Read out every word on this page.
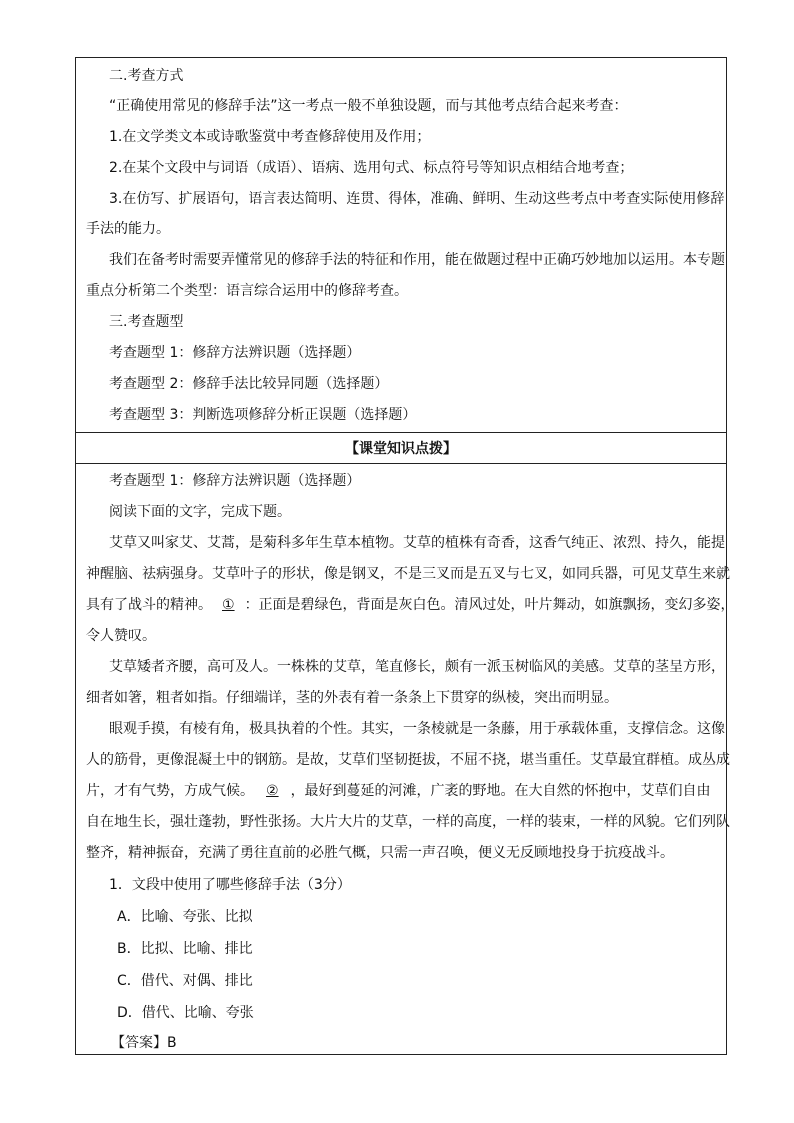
二.考查方式
“正确使用常见的修辞手法”这一考点一般不单独设题，而与其他考点结合起来考查：
1.在文学类文本或诗歌鉴赏中考查修辞使用及作用；
2.在某个文段中与词语（成语）、语病、选用句式、标点符号等知识点相结合地考查；
3.在仿写、扩展语句，语言表达简明、连贯、得体，准确、鲜明、生动这些考点中考查实际使用修辞
手法的能力。
我们在备考时需要弄懂常见的修辞手法的特征和作用，能在做题过程中正确巧妙地加以运用。本专题
重点分析第二个类型：语言综合运用中的修辞考查。
三.考查题型
考查题型 1：修辞方法辨识题（选择题）
考查题型 2：修辞手法比较异同题（选择题）
考查题型 3：判断选项修辞分析正误题（选择题）
【课堂知识点拨】
考查题型 1：修辞方法辨识题（选择题）
阅读下面的文字，完成下题。
艾草又叫家艾、艾蒿，是菊科多年生草本植物。艾草的植株有奇香，这香气纯正、浓烈、持久，能提
神醒脑、祛病强身。艾草叶子的形状，像是钢叉，不是三叉而是五叉与七叉，如同兵器，可见艾草生来就
具有了战斗的精神。 ① ：正面是碧绿色，背面是灰白色。清风过处，叶片舞动，如旗飘扬，变幻多姿，
令人赞叹。
艾草矮者齐腰，高可及人。一株株的艾草，笔直修长，颇有一派玉树临风的美感。艾草的茎呈方形，
细者如箸，粗者如指。仔细端详，茎的外表有着一条条上下贯穿的纵棱，突出而明显。
眼观手摸，有棱有角，极具执着的个性。其实，一条棱就是一条藤，用于承载体重，支撑信念。这像
人的筋骨，更像混凝土中的钢筋。是故，艾草们坚韧挺拔，不屈不挠，堪当重任。艾草最宜群植。成丛成
片，才有气势，方成气候。 ② ，最好到蔓延的河滩，广袤的野地。在大自然的怀抱中，艾草们自由
自在地生长，强壮蓬勃，野性张扬。大片大片的艾草，一样的高度，一样的装束，一样的风貌。它们列队
整齐，精神振奋，充满了勇往直前的必胜气概，只需一声召唤，便义无反顾地投身于抗疫战斗。
1．文段中使用了哪些修辞手法（3分）
A．比喻、夸张、比拟
B．比拟、比喻、排比
C．借代、对偶、排比
D．借代、比喻、夸张
【答案】B
